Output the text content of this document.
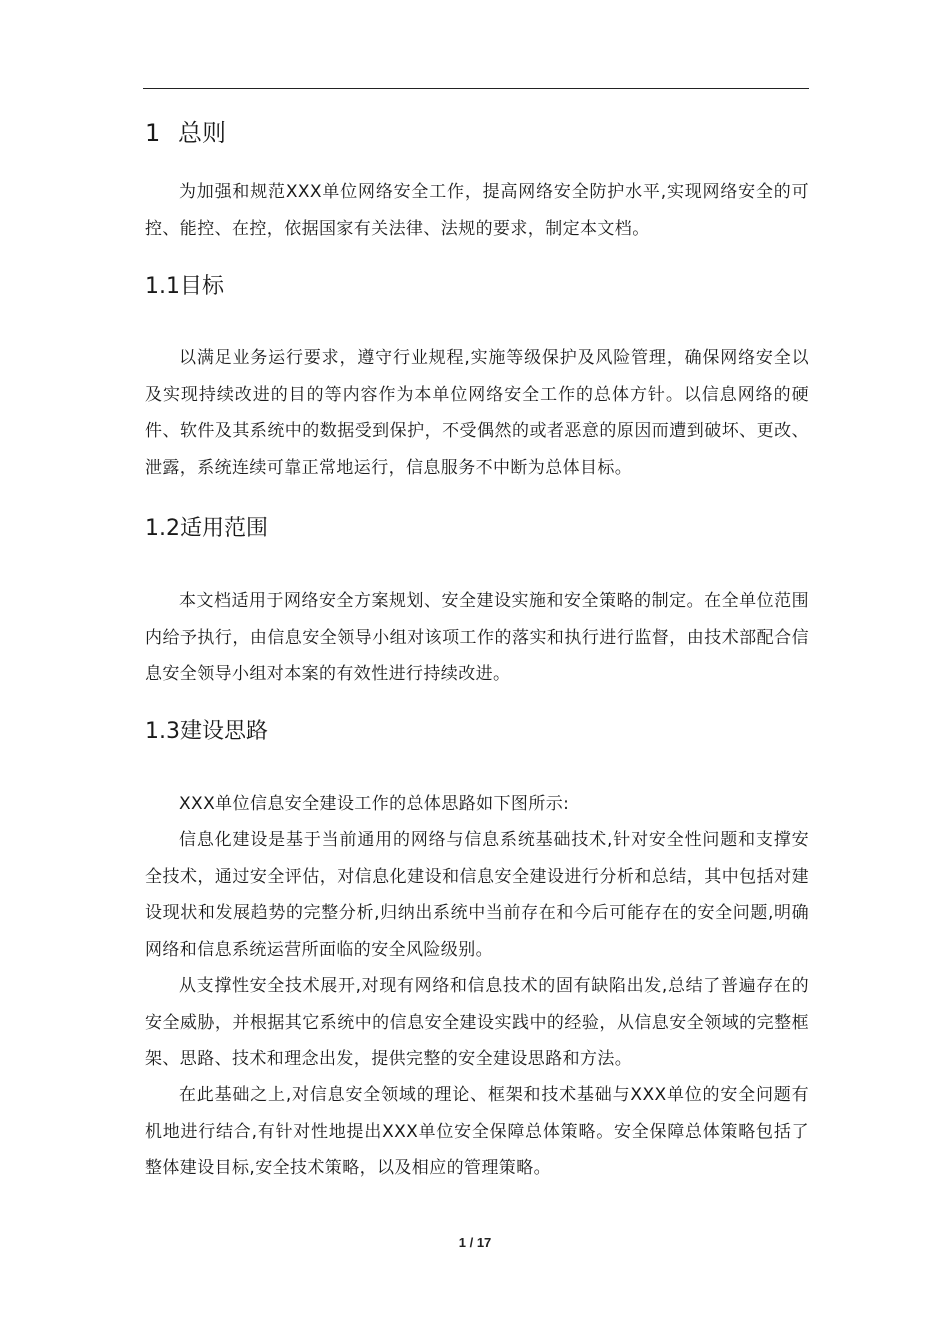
1 总则

为加强和规范XXX单位网络安全工作，提高网络安全防护水平,实现网络安全的可控、能控、在控，依据国家有关法律、法规的要求，制定本文档。

1.1目标

以满足业务运行要求，遵守行业规程,实施等级保护及风险管理，确保网络安全以及实现持续改进的目的等内容作为本单位网络安全工作的总体方针。以信息网络的硬件、软件及其系统中的数据受到保护，不受偶然的或者恶意的原因而遭到破坏、更改、泄露，系统连续可靠正常地运行，信息服务不中断为总体目标。

1.2适用范围

本文档适用于网络安全方案规划、安全建设实施和安全策略的制定。在全单位范围内给予执行，由信息安全领导小组对该项工作的落实和执行进行监督，由技术部配合信息安全领导小组对本案的有效性进行持续改进。

1.3建设思路

XXX单位信息安全建设工作的总体思路如下图所示:

信息化建设是基于当前通用的网络与信息系统基础技术,针对安全性问题和支撑安全技术，通过安全评估，对信息化建设和信息安全建设进行分析和总结，其中包括对建设现状和发展趋势的完整分析,归纳出系统中当前存在和今后可能存在的安全问题,明确网络和信息系统运营所面临的安全风险级别。

从支撑性安全技术展开,对现有网络和信息技术的固有缺陷出发,总结了普遍存在的安全威胁，并根据其它系统中的信息安全建设实践中的经验，从信息安全领域的完整框架、思路、技术和理念出发，提供完整的安全建设思路和方法。

在此基础之上,对信息安全领域的理论、框架和技术基础与XXX单位的安全问题有机地进行结合,有针对性地提出XXX单位安全保障总体策略。安全保障总体策略包括了整体建设目标,安全技术策略，以及相应的管理策略。

1 / 17
